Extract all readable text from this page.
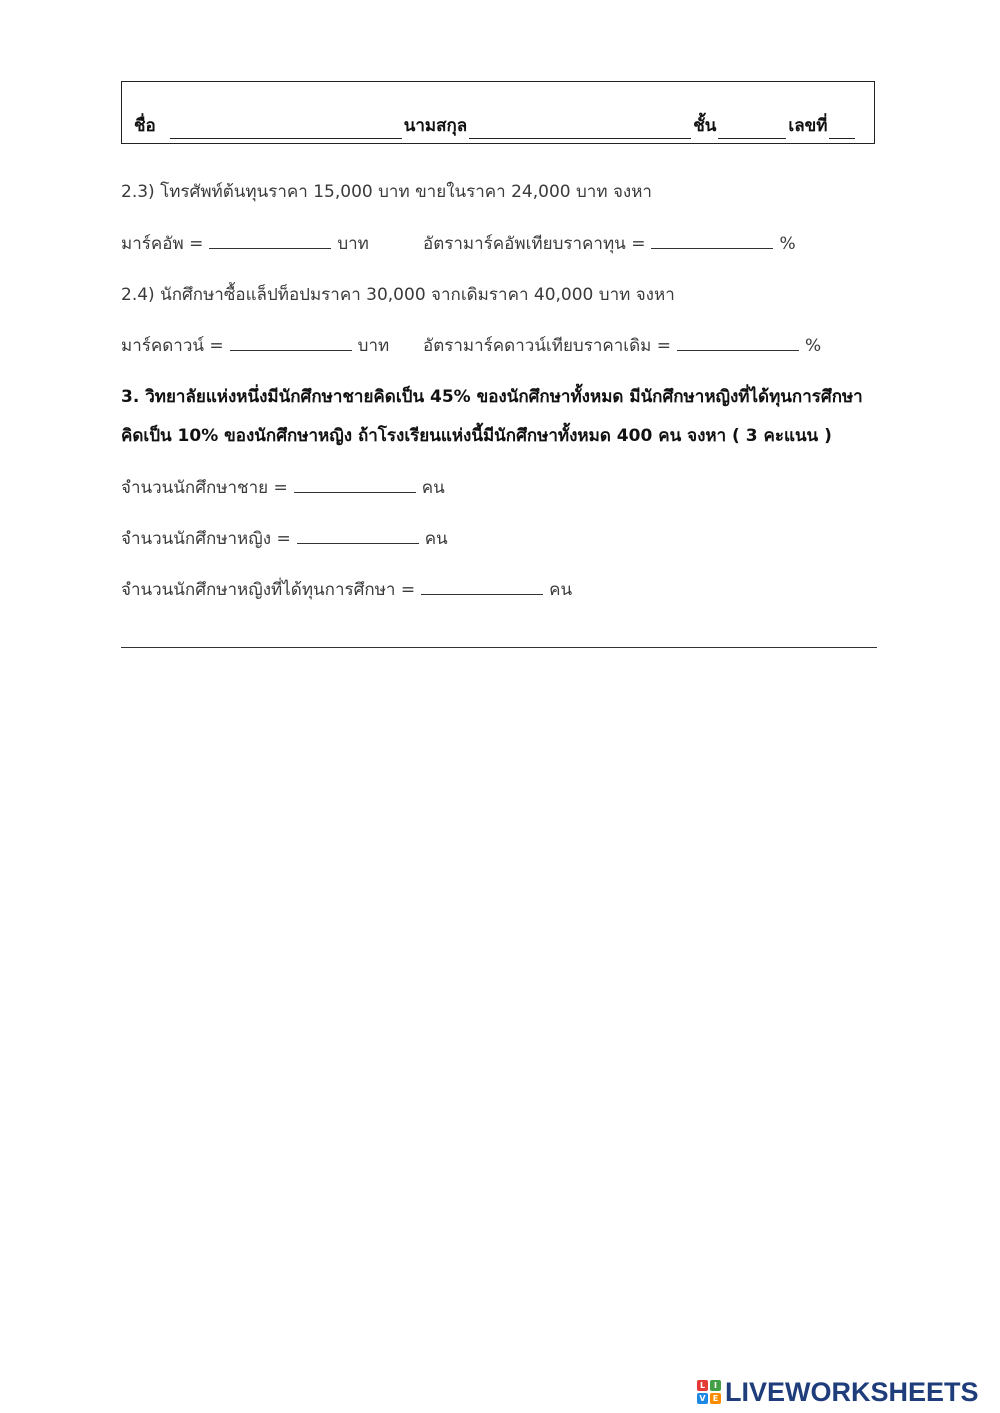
ชื่อ	นามสกุล	ชั้น	เลขที่
2.3) โทรศัพท์ต้นทุนราคา 15,000 บาท ขายในราคา 24,000 บาท จงหา
มาร์คอัพ =	บาท	อัตรามาร์คอัพเทียบราคาทุน =	%
2.4) นักศึกษาซื้อแล็ปท็อปมราคา 30,000 จากเดิมราคา 40,000 บาท จงหา
มาร์คดาวน์ =	บาท อัตรามาร์คดาวน์เทียบราคาเดิม =	%
3. วิทยาลัยแห่งหนึ่งมีนักศึกษาชายคิดเป็น 45% ของนักศึกษาทั้งหมด มีนักศึกษาหญิงที่ได้ทุนการศึกษา
คิดเป็น 10% ของนักศึกษาหญิง ถ้าโรงเรียนแห่งนี้มีนักศึกษาทั้งหมด 400 คน จงหา ( 3 คะแนน )
จำนวนนักศึกษาชาย =	คน
จำนวนนักศึกษาหญิง =	คน
จำนวนนักศึกษาหญิงที่ได้ทุนการศึกษา =	คน
L	I
V E LIVEWORKSHEETS
